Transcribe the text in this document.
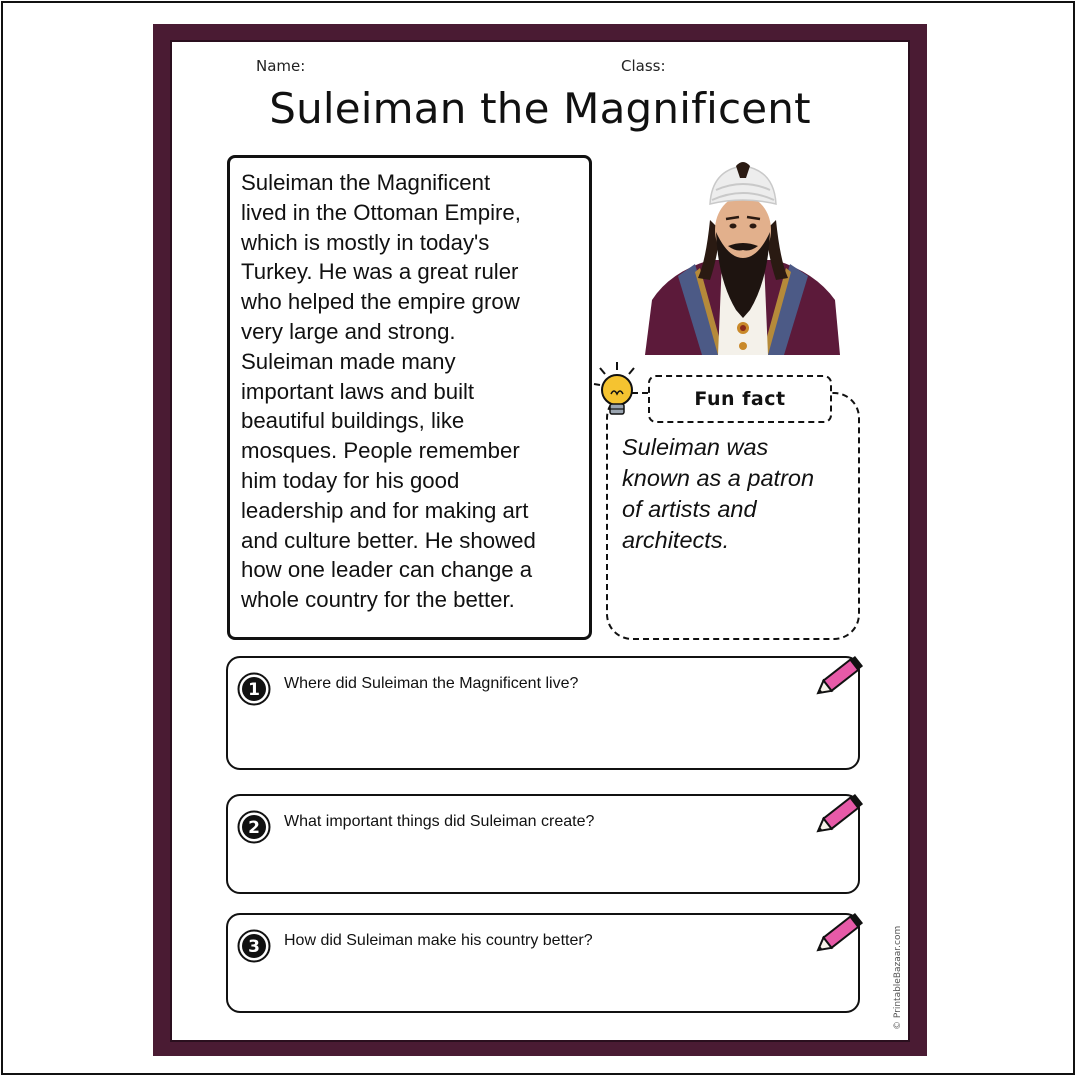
Name:	Class:
Suleiman the Magnificent
Suleiman the Magnificent
lived in the Ottoman Empire,
which is mostly in today's
Turkey. He was a great ruler
who helped the empire grow
very large and strong.
Suleiman made many
important laws and built
beautiful buildings, like
mosques. People remember
him today for his good
leadership and for making art
and culture better. He showed
how one leader can change a
whole country for the better.
Fun fact
Suleiman was
known as a patron
of artists and
architects.
1 Where did Suleiman the Magnificent live?
2 What important things did Suleiman create?
3 How did Suleiman make his country better?	© PrintableBazaar.com
